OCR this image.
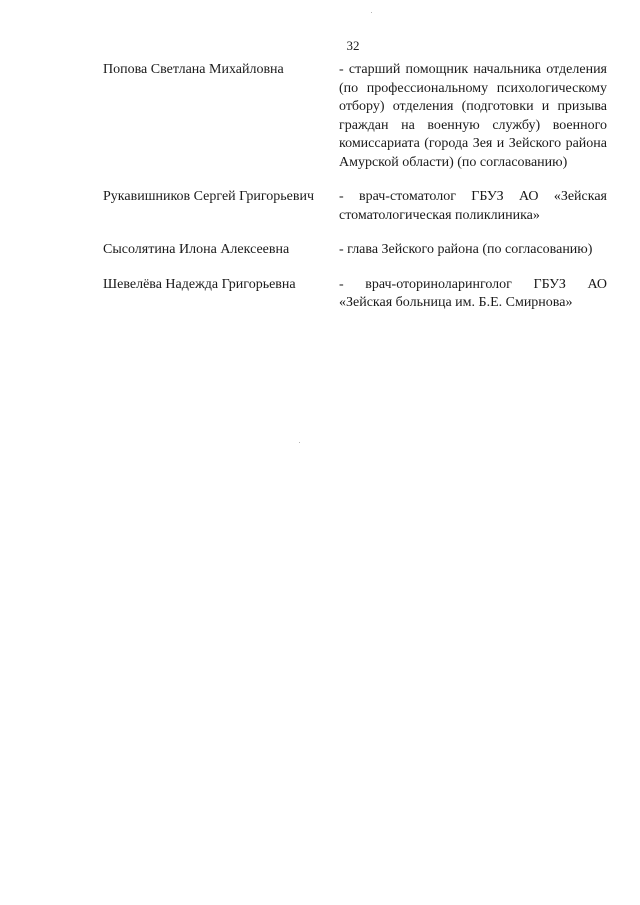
32
Попова Светлана Михайловна	- старший помощник начальника отделения (по профессиональному психологическому отбору) отделения (подготовки и призыва граждан на военную службу) военного комиссариата (города Зея и Зейского района Амурской области) (по согласованию)
Рукавишников Сергей Григорьевич	- врач-стоматолог ГБУЗ АО «Зейская стоматологическая поликлиника»
Сысолятина Илона Алексеевна	- глава Зейского района (по согласованию)
Шевелёва Надежда Григорьевна	- врач-оториноларинголог ГБУЗ АО «Зейская больница им. Б.Е. Смирнова»
